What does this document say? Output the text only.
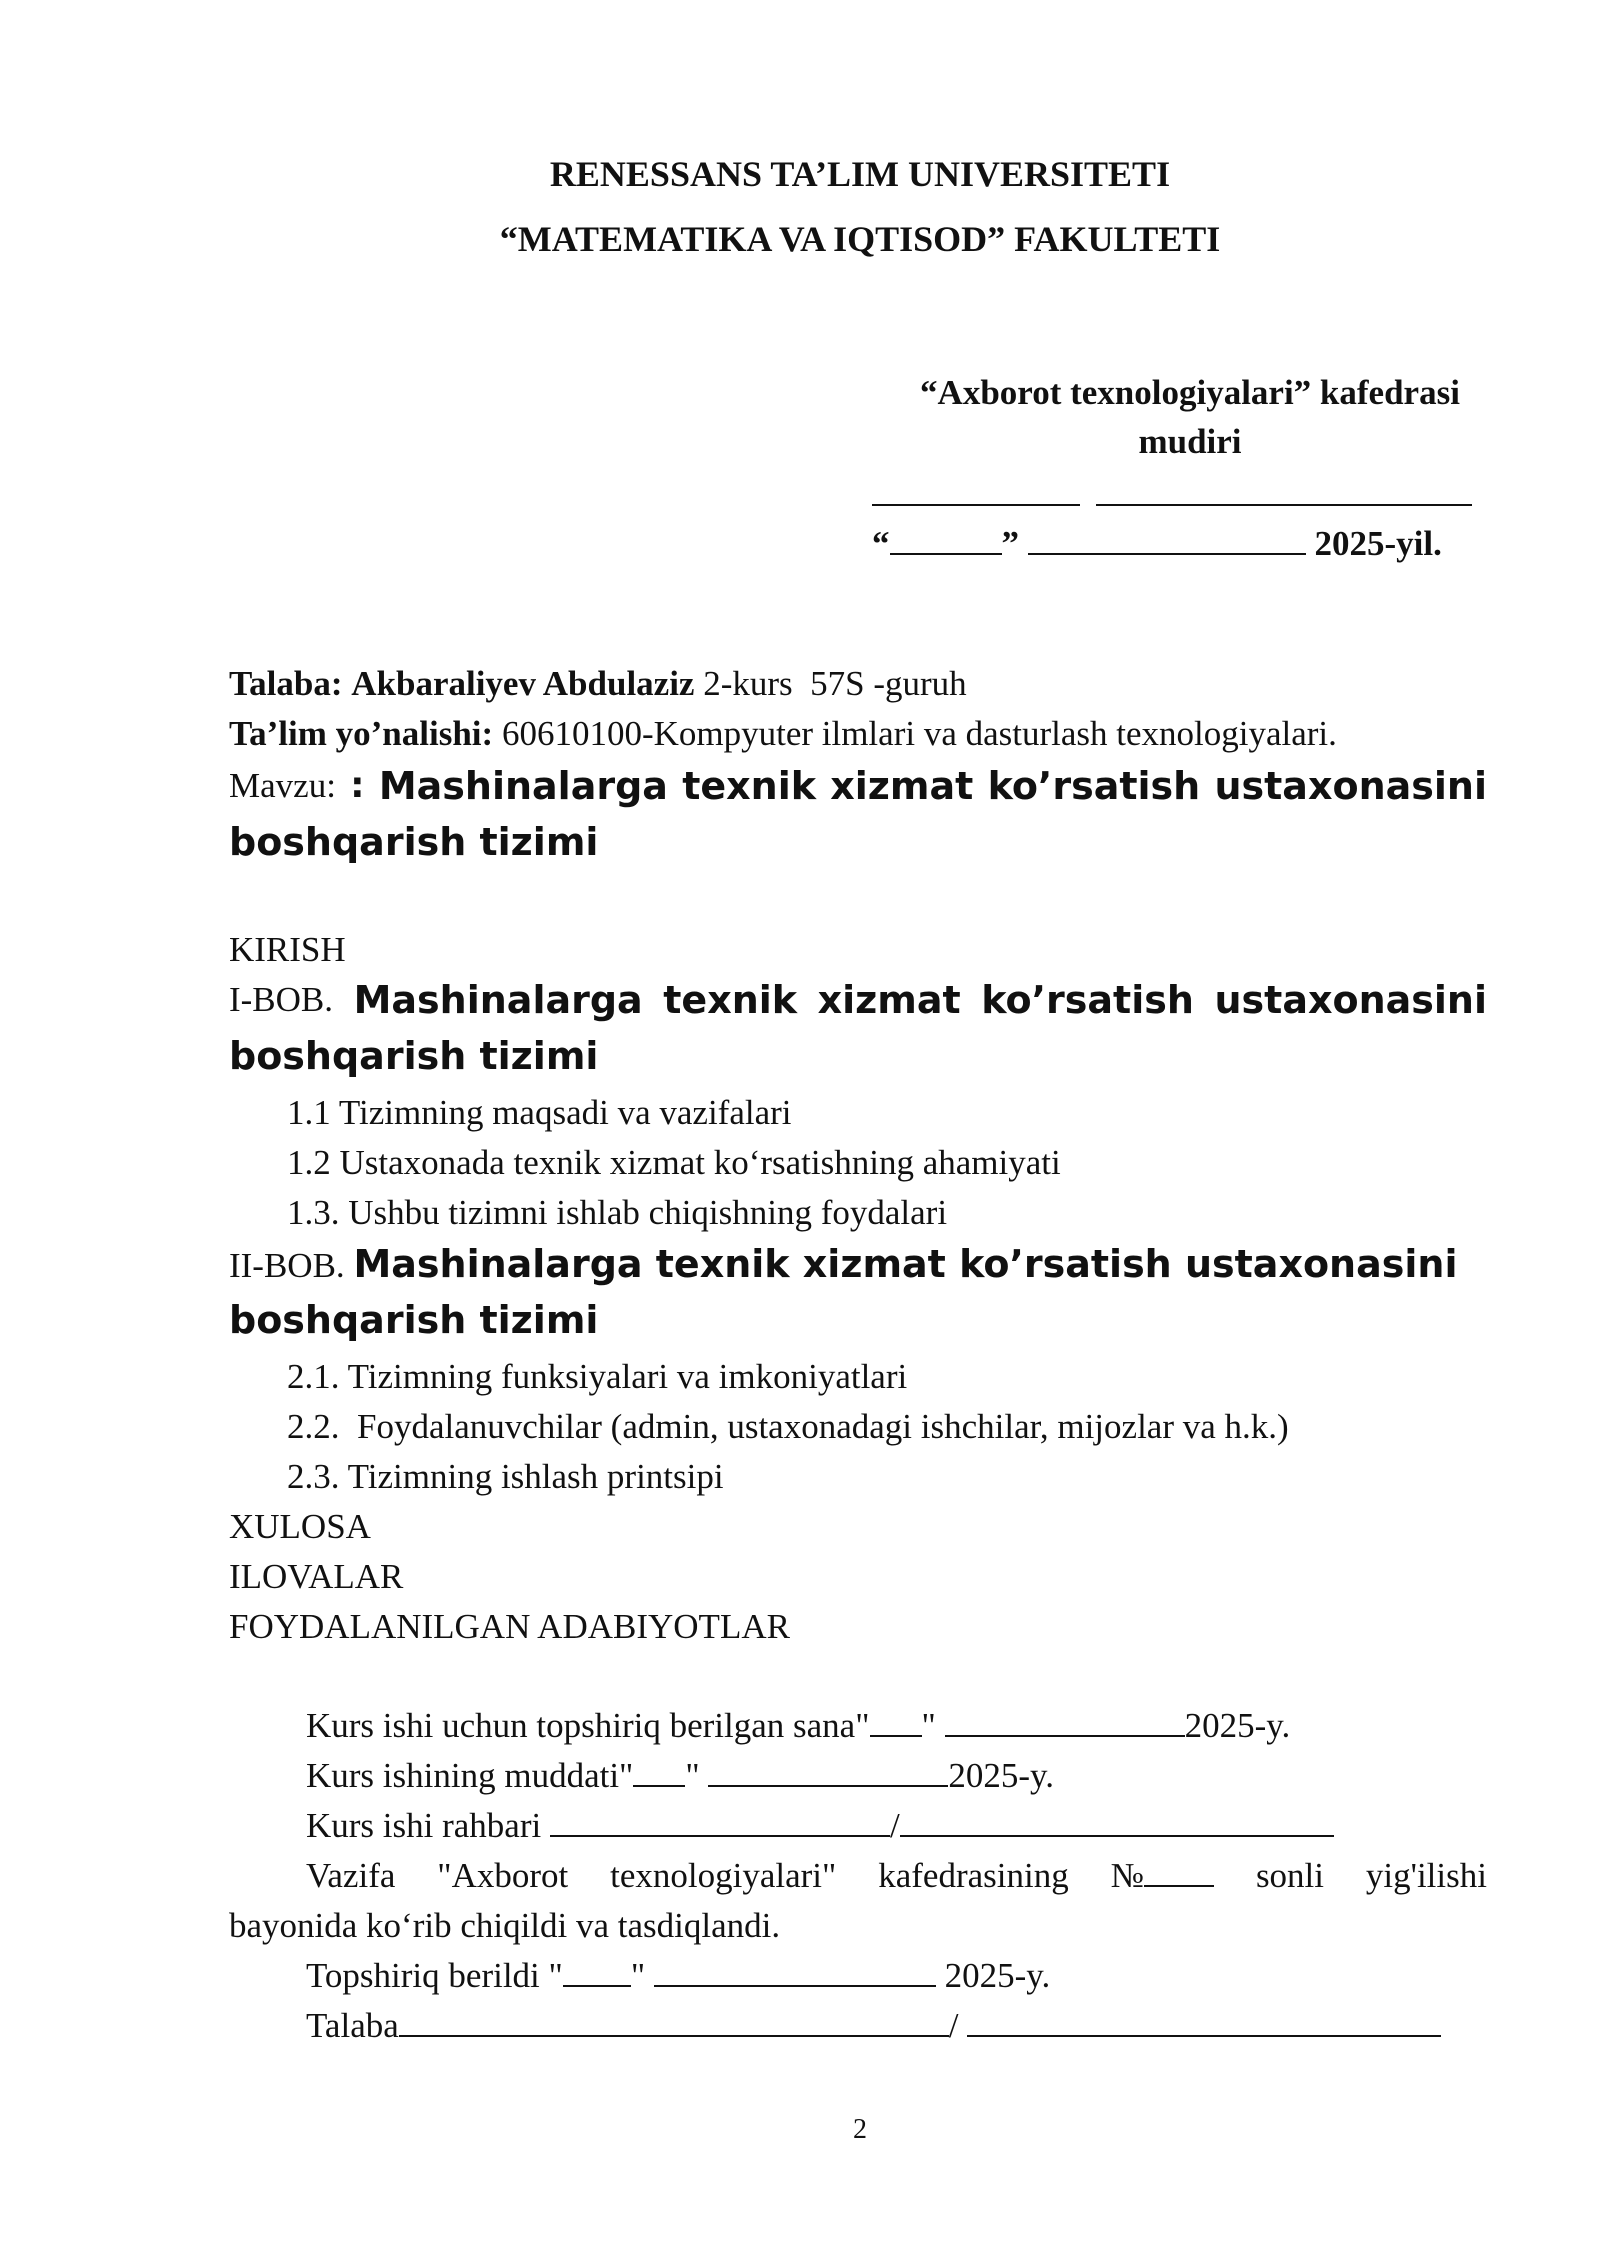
RENESSANS TA’LIM UNIVERSITETI
“MATEMATIKA VA IQTISOD” FAKULTETI
“Axborot texnologiyalari” kafedrasi
mudiri
“	”	2025-yil.
Talaba: Akbaraliyev Abdulaziz 2-kurs  57S -guruh
Ta’lim yo’nalishi: 60610100-Kompyuter ilmlari va dasturlash texnologiyalari.
Mavzu: : Mashinalarga texnik xizmat ko’rsatish ustaxonasini
boshqarish tizimi
KIRISH
I-BOB. Mashinalarga texnik xizmat ko’rsatish ustaxonasini
boshqarish tizimi
1.1 Tizimning maqsadi va vazifalari
1.2 Ustaxonada texnik xizmat ko‘rsatishning ahamiyati
1.3. Ushbu tizimni ishlab chiqishning foydalari
II-BOB. Mashinalarga texnik xizmat ko’rsatish ustaxonasini
boshqarish tizimi
2.1. Tizimning funksiyalari va imkoniyatlari
2.2.  Foydalanuvchilar (admin, ustaxonadagi ishchilar, mijozlar va h.k.)
2.3. Tizimning ishlash printsipi
XULOSA
ILOVALAR
FOYDALANILGAN ADABIYOTLAR
Kurs ishi uchun topshiriq berilgan sana" "	2025-y.
Kurs ishining muddati" "	2025-y.
Kurs ishi rahbari	/
Vazifa "Axborot texnologiyalari" kafedrasining №	sonli yig'ilishi
bayonida ko‘rib chiqildi va tasdiqlandi.
Topshiriq berildi " "	2025-y.
Talaba	/
2
